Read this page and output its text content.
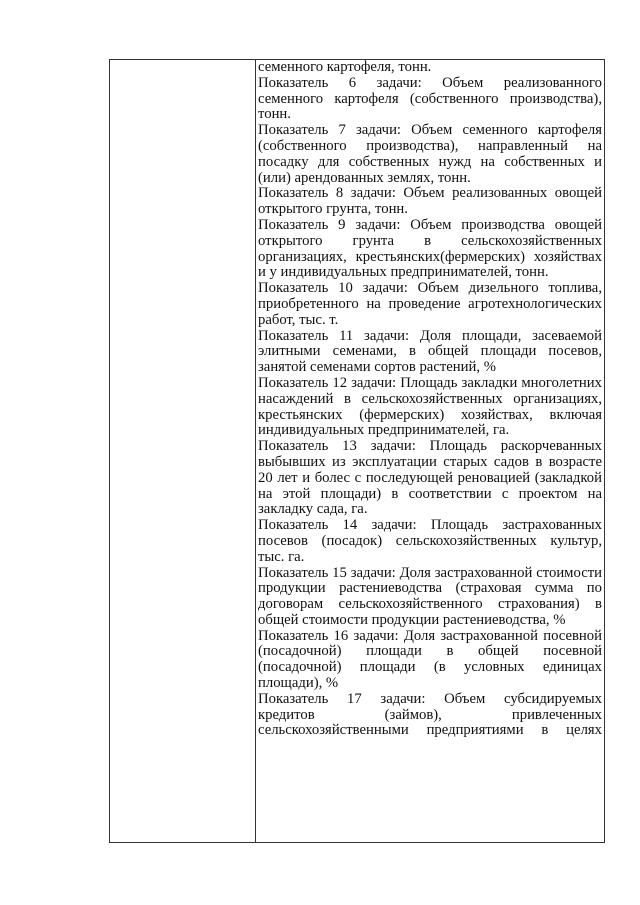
семенного картофеля, тонн.

Показатель 6 задачи: Объем реализованного семенного картофеля (собственного производства), тонн.

Показатель 7 задачи: Объем семенного картофеля (собственного производства), направленный на посадку для собственных нужд на собственных и (или) арендованных землях, тонн.

Показатель 8 задачи: Объем реализованных овощей открытого грунта, тонн.

Показатель 9 задачи: Объем производства овощей открытого грунта в сельскохозяйственных организациях, крестьянских(фермерских) хозяйствах и у индивидуальных предпринимателей, тонн.

Показатель 10 задачи: Объем дизельного топлива, приобретенного на проведение агротехнологических работ, тыс. т.

Показатель 11 задачи: Доля площади, засеваемой элитными семенами, в общей площади посевов, занятой семенами сортов растений, %

Показатель 12 задачи: Площадь закладки многолетних насаждений в сельскохозяйственных организациях, крестьянских (фермерских) хозяйствах, включая индивидуальных предпринимателей, га.

Показатель 13 задачи: Площадь раскорчеванных выбывших из эксплуатации старых садов в возрасте 20 лет и болес с последующей реновацией (закладкой на этой площади) в соответствии с проектом на закладку сада, га.

Показатель 14 задачи: Площадь застрахованных посевов (посадок) сельскохозяйственных культур, тыс. га.

Показатель 15 задачи: Доля застрахованной стоимости продукции растениеводства (страховая сумма по договорам сельскохозяйственного страхования) в общей стоимости продукции растениеводства, %

Показатель 16 задачи: Доля застрахованной посевной (посадочной) площади в общей посевной (посадочной) площади (в условных единицах площади), %

Показатель 17 задачи: Объем субсидируемых кредитов (займов), привлеченных сельскохозяйственными предприятиями в целях
